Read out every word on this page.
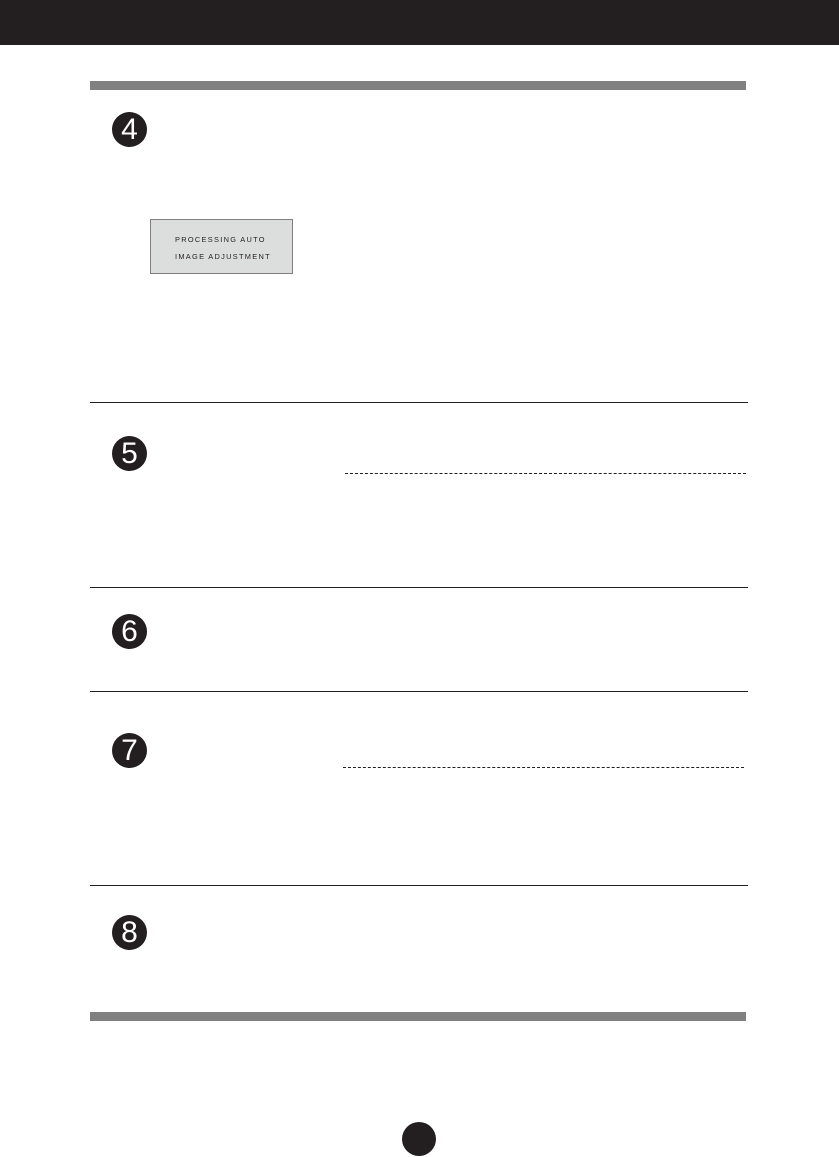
4
PROCESSING AUTO
IMAGE ADJUSTMENT
5
6
7
8
